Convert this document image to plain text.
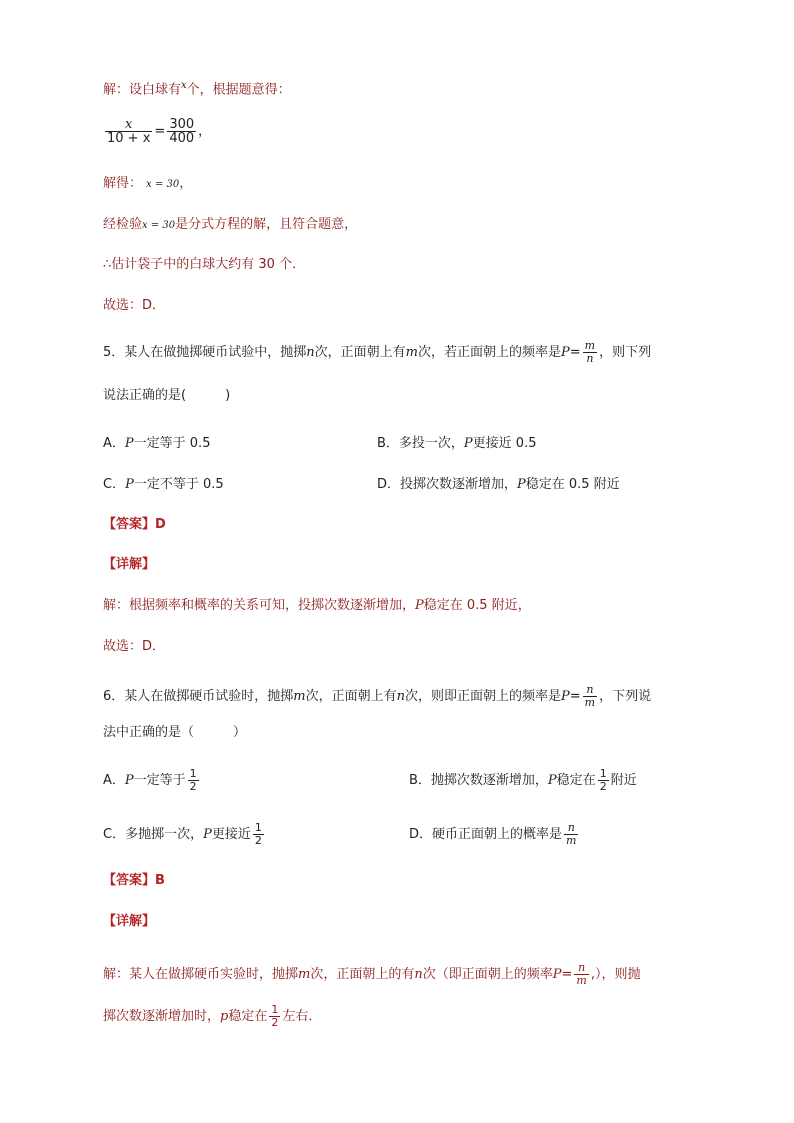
解：设白球有$^x$个，根据题意得：
$\frac{x}{10 + x} = \frac{300}{400}$ ，
解得： x = 30，
经检验x = 30是分式方程的解，且符合题意，
∴估计袋子中的白球大约有 30 个．
故选：D．
5．某人在做抛掷硬币试验中，抛掷n次，正面朝上有m次，若正面朝上的频率是$P= \frac{m}{n}$ ，则下列
说法正确的是(　　　)
A．P一定等于 0.5	B．多投一次，P更接近 0.5
C．P一定不等于 0.5	D．投掷次数逐渐增加，P稳定在 0.5 附近
【答案】D
【详解】
解：根据频率和概率的关系可知，投掷次数逐渐增加，P稳定在 0.5 附近，
故选：D．
6．某人在做掷硬币试验时，抛掷m次，正面朝上有n次，则即正面朝上的频率是$P= \frac{n}{m}$ ，下列说
法中正确的是（　　　）
A．P一定等于 $\frac{1}{2}$	B．抛掷次数逐渐增加，P稳定在 $\frac{1}{2}$ 附近
C．多抛掷一次，P更接近 $\frac{1}{2}$	D．硬币正面朝上的概率是 $\frac{n}{m}$
【答案】B
【详解】
解：某人在做掷硬币实验时，抛掷m次，正面朝上的有n次（即正面朝上的频率$P= \frac{n}{m}$ ,），则抛
掷次数逐渐增加时，p稳定在 $\frac{1}{2}$ 左右．
